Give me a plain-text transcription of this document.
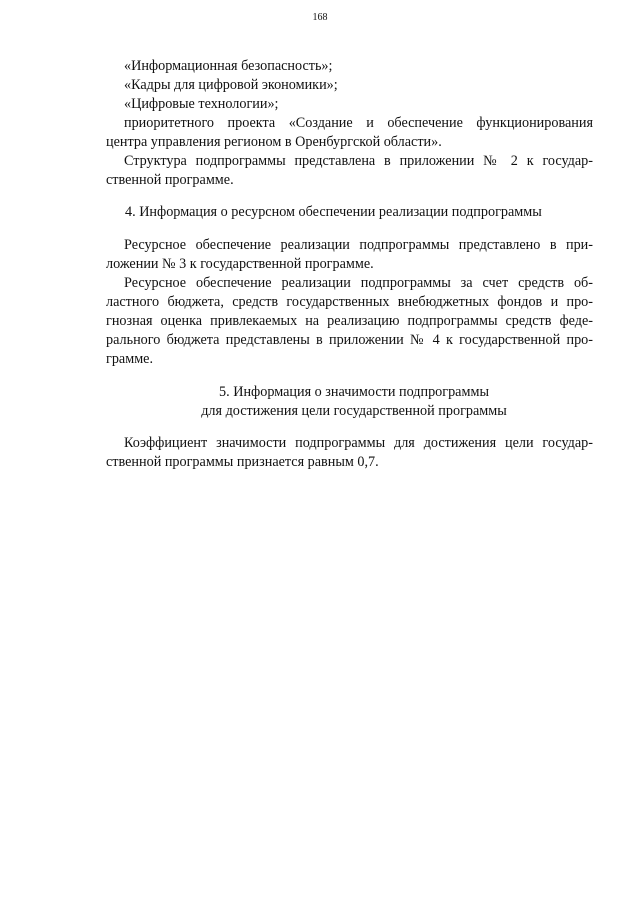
168

«Информационная безопасность»;

«Кадры для цифровой экономики»;

«Цифровые технологии»;

приоритетного проекта «Создание и обеспечение функционирования
центра управления регионом в Оренбургской области».

Структура подпрограммы представлена в приложении № 2 к государ-
ственной программе.

4. Информация о ресурсном обеспечении реализации подпрограммы

Ресурсное обеспечение реализации подпрограммы представлено в при-
ложении № 3 к государственной программе.

Ресурсное обеспечение реализации подпрограммы за счет средств об-
ластного бюджета, средств государственных внебюджетных фондов и про-
гнозная оценка привлекаемых на реализацию подпрограммы средств феде-
рального бюджета представлены в приложении № 4 к государственной про-
грамме.

5. Информация о значимости подпрограммы
для достижения цели государственной программы

Коэффициент значимости подпрограммы для достижения цели государ-
ственной программы признается равным 0,7.
